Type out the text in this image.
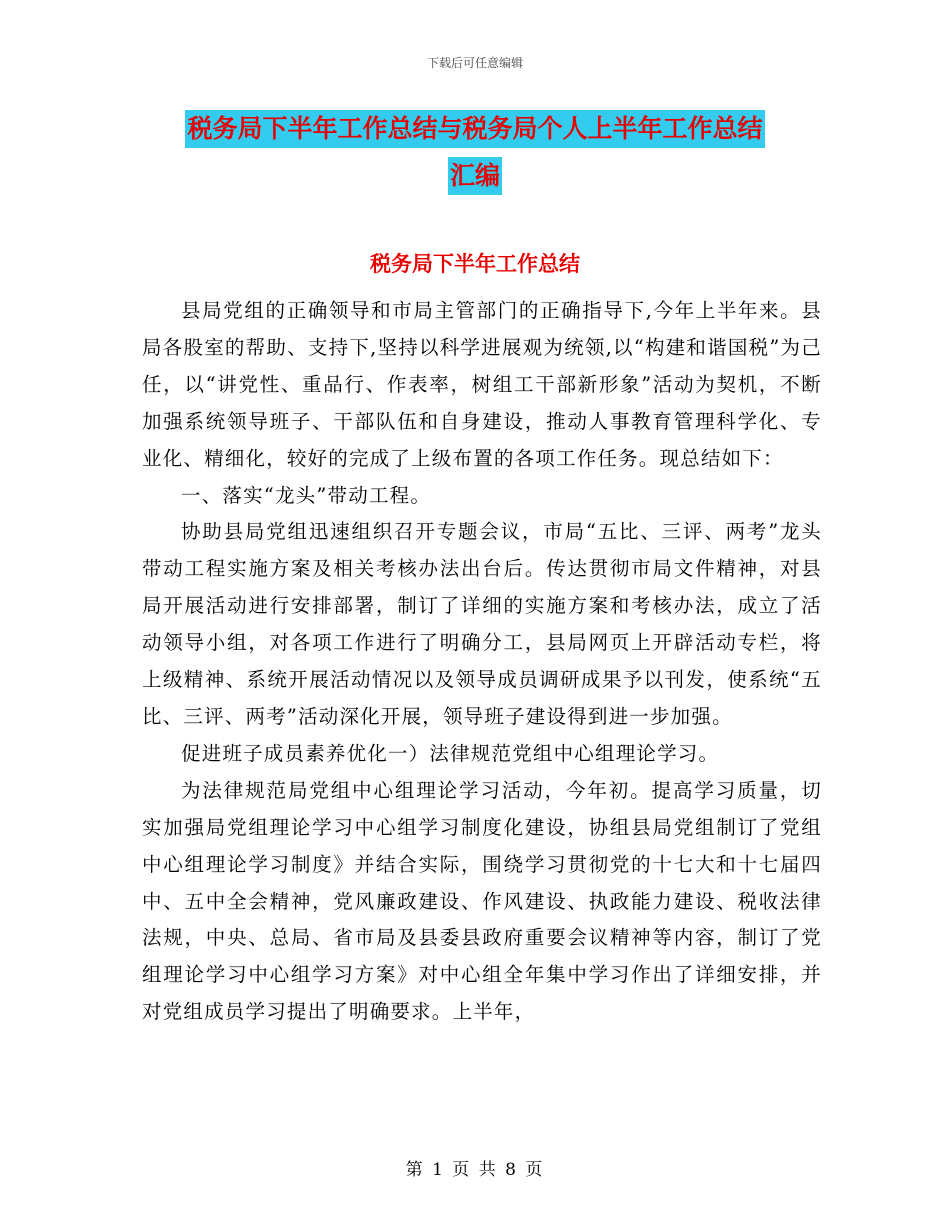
下载后可任意编辑
税务局下半年工作总结与税务局个人上半年工作总结
汇编
税务局下半年工作总结

县局党组的正确领导和市局主管部门的正确指导下,今年上半年来。县局各股室的帮助、支持下,坚持以科学进展观为统领,以“构建和谐国税”为己任，以“讲党性、重品行、作表率，树组工干部新形象”活动为契机，不断加强系统领导班子、干部队伍和自身建设，推动人事教育管理科学化、专业化、精细化，较好的完成了上级布置的各项工作任务。现总结如下：

一、落实“龙头”带动工程。

协助县局党组迅速组织召开专题会议，市局“五比、三评、两考”龙头带动工程实施方案及相关考核办法出台后。传达贯彻市局文件精神，对县局开展活动进行安排部署，制订了详细的实施方案和考核办法，成立了活动领导小组，对各项工作进行了明确分工，县局网页上开辟活动专栏，将上级精神、系统开展活动情况以及领导成员调研成果予以刊发，使系统“五比、三评、两考”活动深化开展，领导班子建设得到进一步加强。

促进班子成员素养优化一）法律规范党组中心组理论学习。

为法律规范局党组中心组理论学习活动，今年初。提高学习质量，切实加强局党组理论学习中心组学习制度化建设，协组县局党组制订了党组中心组理论学习制度》并结合实际，围绕学习贯彻党的十七大和十七届四中、五中全会精神，党风廉政建设、作风建设、执政能力建设、税收法律法规，中央、总局、省市局及县委县政府重要会议精神等内容，制订了党组理论学习中心组学习方案》对中心组全年集中学习作出了详细安排，并对党组成员学习提出了明确要求。上半年，

第 1 页 共 8 页
